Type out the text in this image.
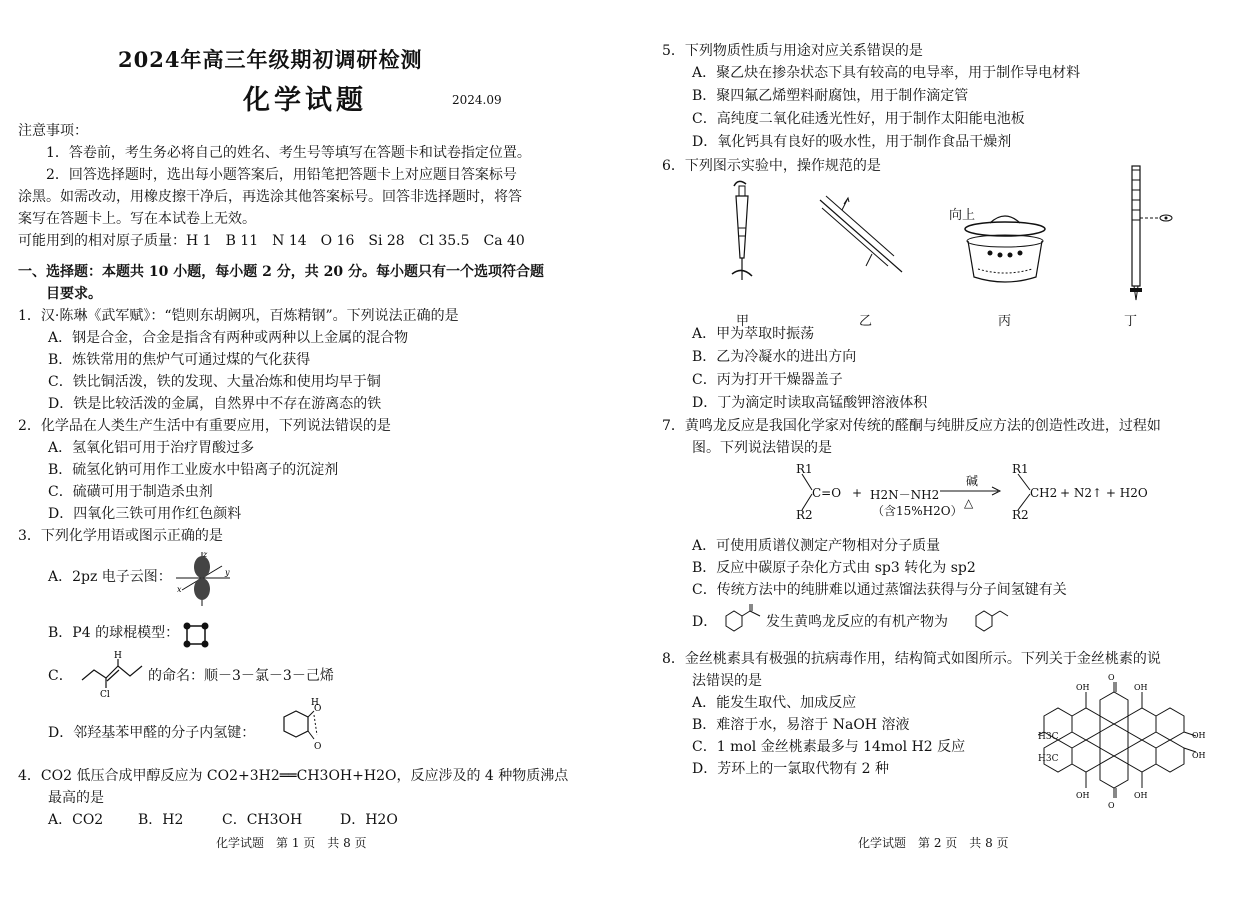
2024年高三年级期初调研检测
化学试题	2024.09
注意事项：
1．答卷前，考生务必将自己的姓名、考生号等填写在答题卡和试卷指定位置。
2．回答选择题时，选出每小题答案后，用铅笔把答题卡上对应题目答案标号
涂黑。如需改动，用橡皮擦干净后，再选涂其他答案标号。回答非选择题时，将答
案写在答题卡上。写在本试卷上无效。
可能用到的相对原子质量：H 1　B 11　N 14　O 16　Si 28　Cl 35.5　Ca 40
一、选择题：本题共 10 小题，每小题 2 分，共 20 分。每小题只有一个选项符合题
目要求。
1．汉·陈琳《武军赋》：“铠则东胡阙巩，百炼精钢”。下列说法正确的是
A．钢是合金，合金是指含有两种或两种以上金属的混合物
B．炼铁常用的焦炉气可通过煤的气化获得
C．铁比铜活泼，铁的发现、大量冶炼和使用均早于铜
D．铁是比较活泼的金属，自然界中不存在游离态的铁
2．化学品在人类生产生活中有重要应用，下列说法错误的是
A．氢氧化铝可用于治疗胃酸过多
B．硫氢化钠可用作工业废水中铅离子的沉淀剂
C．硫磺可用于制造杀虫剂
D．四氧化三铁可用作红色颜料
3．下列化学用语或图示正确的是
A．2pz 电子云图：
z
x
y
B．P4 的球棍模型：
C．
H
Cl
的命名：顺－3－氯－3－己烯
D．邻羟基苯甲醛的分子内氢键：
O
H
O
4．CO2 低压合成甲醇反应为 CO2+3H2══CH3OH+H2O，反应涉及的 4 种物质沸点
最高的是
A．CO2 B．H2	C．CH3OH	D．H2O
化学试题　第 1 页　共 8 页
5．下列物质性质与用途对应关系错误的是
A．聚乙炔在掺杂状态下具有较高的电导率，用于制作导电材料
B．聚四氟乙烯塑料耐腐蚀，用于制作滴定管
C．高纯度二氧化硅透光性好，用于制作太阳能电池板
D．氧化钙具有良好的吸水性，用于制作食品干燥剂
6．下列图示实验中，操作规范的是
甲	乙
向上
丙	丁
A．甲为萃取时振荡
B．乙为冷凝水的进出方向
C．丙为打开干燥器盖子
D．丁为滴定时读取高锰酸钾溶液体积
7．黄鸣龙反应是我国化学家对传统的醛酮与纯肼反应方法的创造性改进，过程如
图。下列说法错误的是
R1
C=O
R2
+ H2N－NH2
（含15%H2O）
碱
△
R1
CH2
R2
+ N2↑ + H2O
A．可使用质谱仪测定产物相对分子质量
B．反应中碳原子杂化方式由 sp3 转化为 sp2
C．传统方法中的纯肼难以通过蒸馏法获得与分子间氢键有关
D．	发生黄鸣龙反应的有机产物为
8．金丝桃素具有极强的抗病毒作用，结构简式如图所示。下列关于金丝桃素的说
法错误的是
A．能发生取代、加成反应
B．难溶于水，易溶于 NaOH 溶液
C．1 mol 金丝桃素最多与 14mol H2 反应
D．芳环上的一氯取代物有 2 种
O
O
OH	OH
OH	OH
OH
OH
H3C
H3C
化学试题　第 2 页　共 8 页
